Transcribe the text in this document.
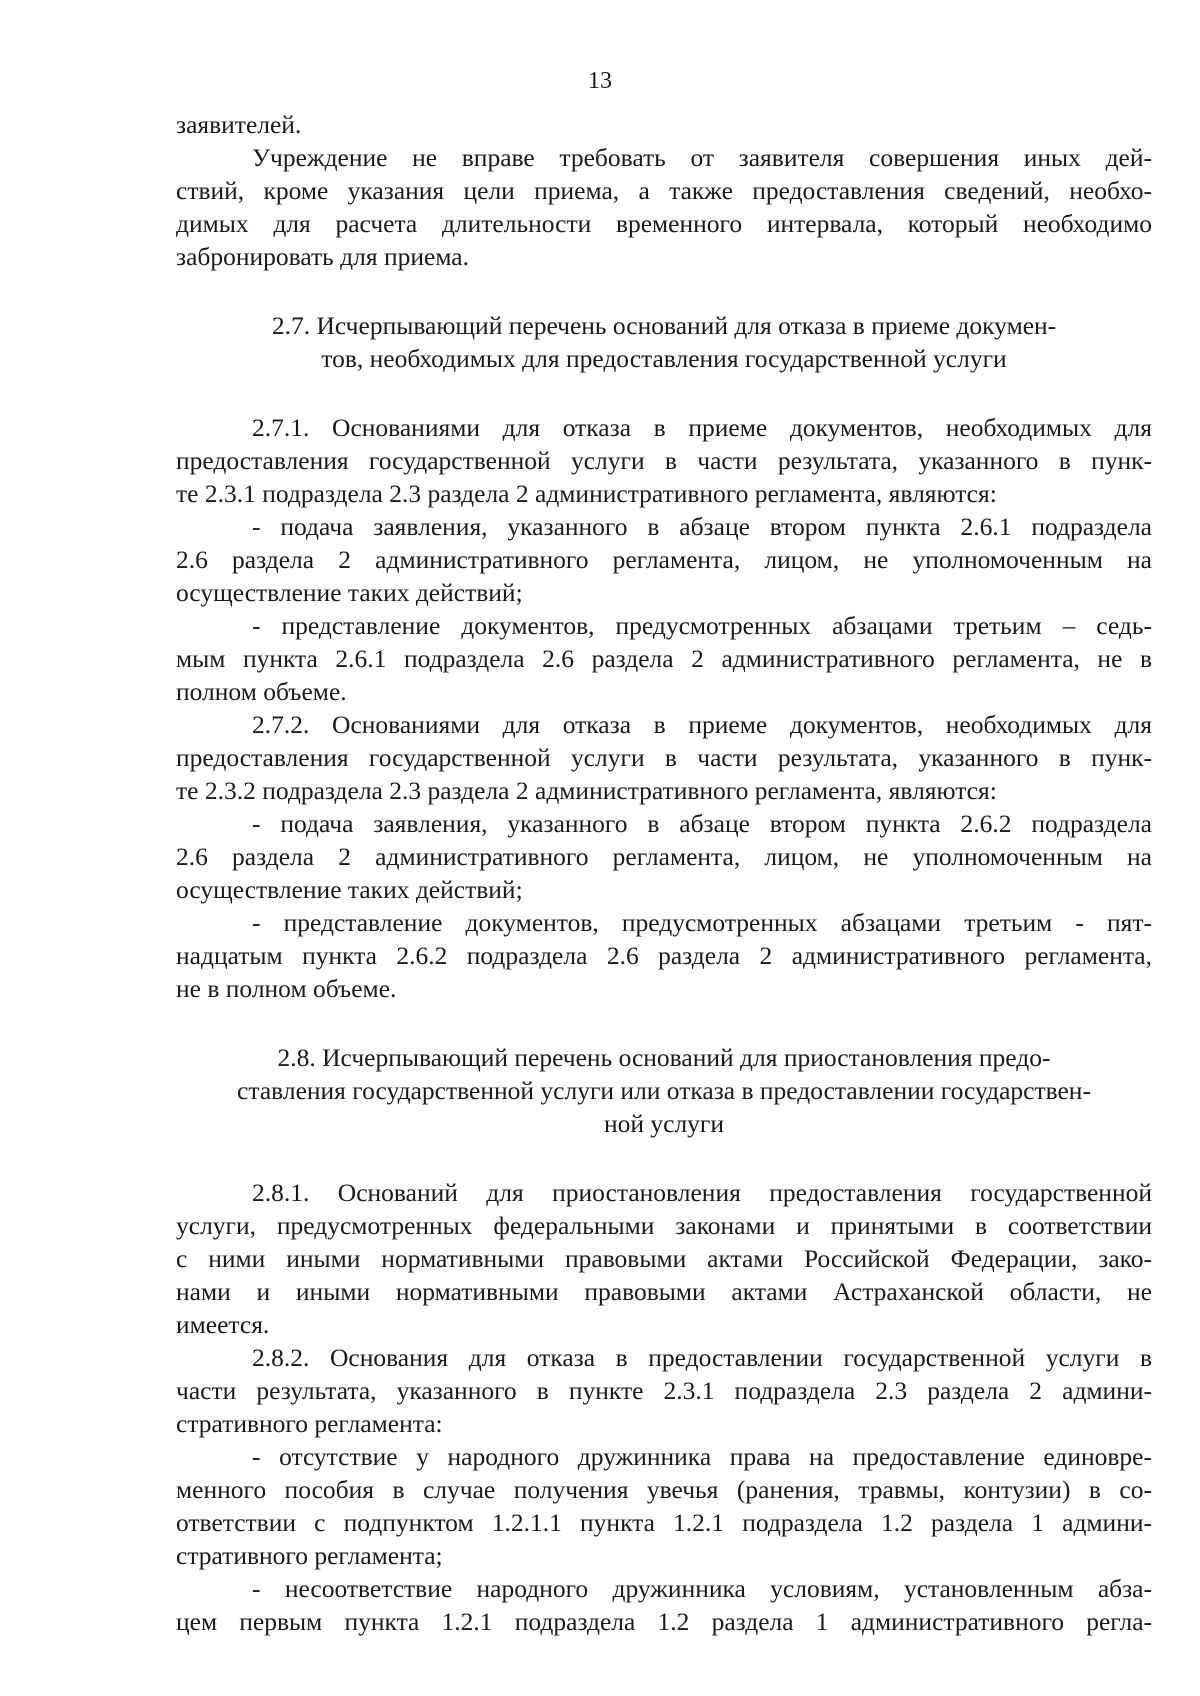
13
заявителей.
Учреждение не вправе требовать от заявителя совершения иных дей-
ствий, кроме указания цели приема, а также предоставления сведений, необхо-
димых для расчета длительности временного интервала, который необходимо
забронировать для приема.
2.7. Исчерпывающий перечень оснований для отказа в приеме докумен-
тов, необходимых для предоставления государственной услуги
2.7.1. Основаниями для отказа в приеме документов, необходимых для
предоставления государственной услуги в части результата, указанного в пунк-
те 2.3.1 подраздела 2.3 раздела 2 административного регламента, являются:
- подача заявления, указанного в абзаце втором пункта 2.6.1 подраздела
2.6 раздела 2 административного регламента, лицом, не уполномоченным на
осуществление таких действий;
- представление документов, предусмотренных абзацами третьим – седь-
мым пункта 2.6.1 подраздела 2.6 раздела 2 административного регламента, не в
полном объеме.
2.7.2. Основаниями для отказа в приеме документов, необходимых для
предоставления государственной услуги в части результата, указанного в пунк-
те 2.3.2 подраздела 2.3 раздела 2 административного регламента, являются:
- подача заявления, указанного в абзаце втором пункта 2.6.2 подраздела
2.6 раздела 2 административного регламента, лицом, не уполномоченным на
осуществление таких действий;
- представление документов, предусмотренных абзацами третьим - пят-
надцатым пункта 2.6.2 подраздела 2.6 раздела 2 административного регламента,
не в полном объеме.
2.8. Исчерпывающий перечень оснований для приостановления предо-
ставления государственной услуги или отказа в предоставлении государствен-
ной услуги
2.8.1. Оснований для приостановления предоставления государственной
услуги, предусмотренных федеральными законами и принятыми в соответствии
с ними иными нормативными правовыми актами Российской Федерации, зако-
нами и иными нормативными правовыми актами Астраханской области, не
имеется.
2.8.2. Основания для отказа в предоставлении государственной услуги в
части результата, указанного в пункте 2.3.1 подраздела 2.3 раздела 2 админи-
стративного регламента:
- отсутствие у народного дружинника права на предоставление единовре-
менного пособия в случае получения увечья (ранения, травмы, контузии) в со-
ответствии с подпунктом 1.2.1.1 пункта 1.2.1 подраздела 1.2 раздела 1 админи-
стративного регламента;
- несоответствие народного дружинника условиям, установленным абза-
цем первым пункта 1.2.1 подраздела 1.2 раздела 1 административного регла-
